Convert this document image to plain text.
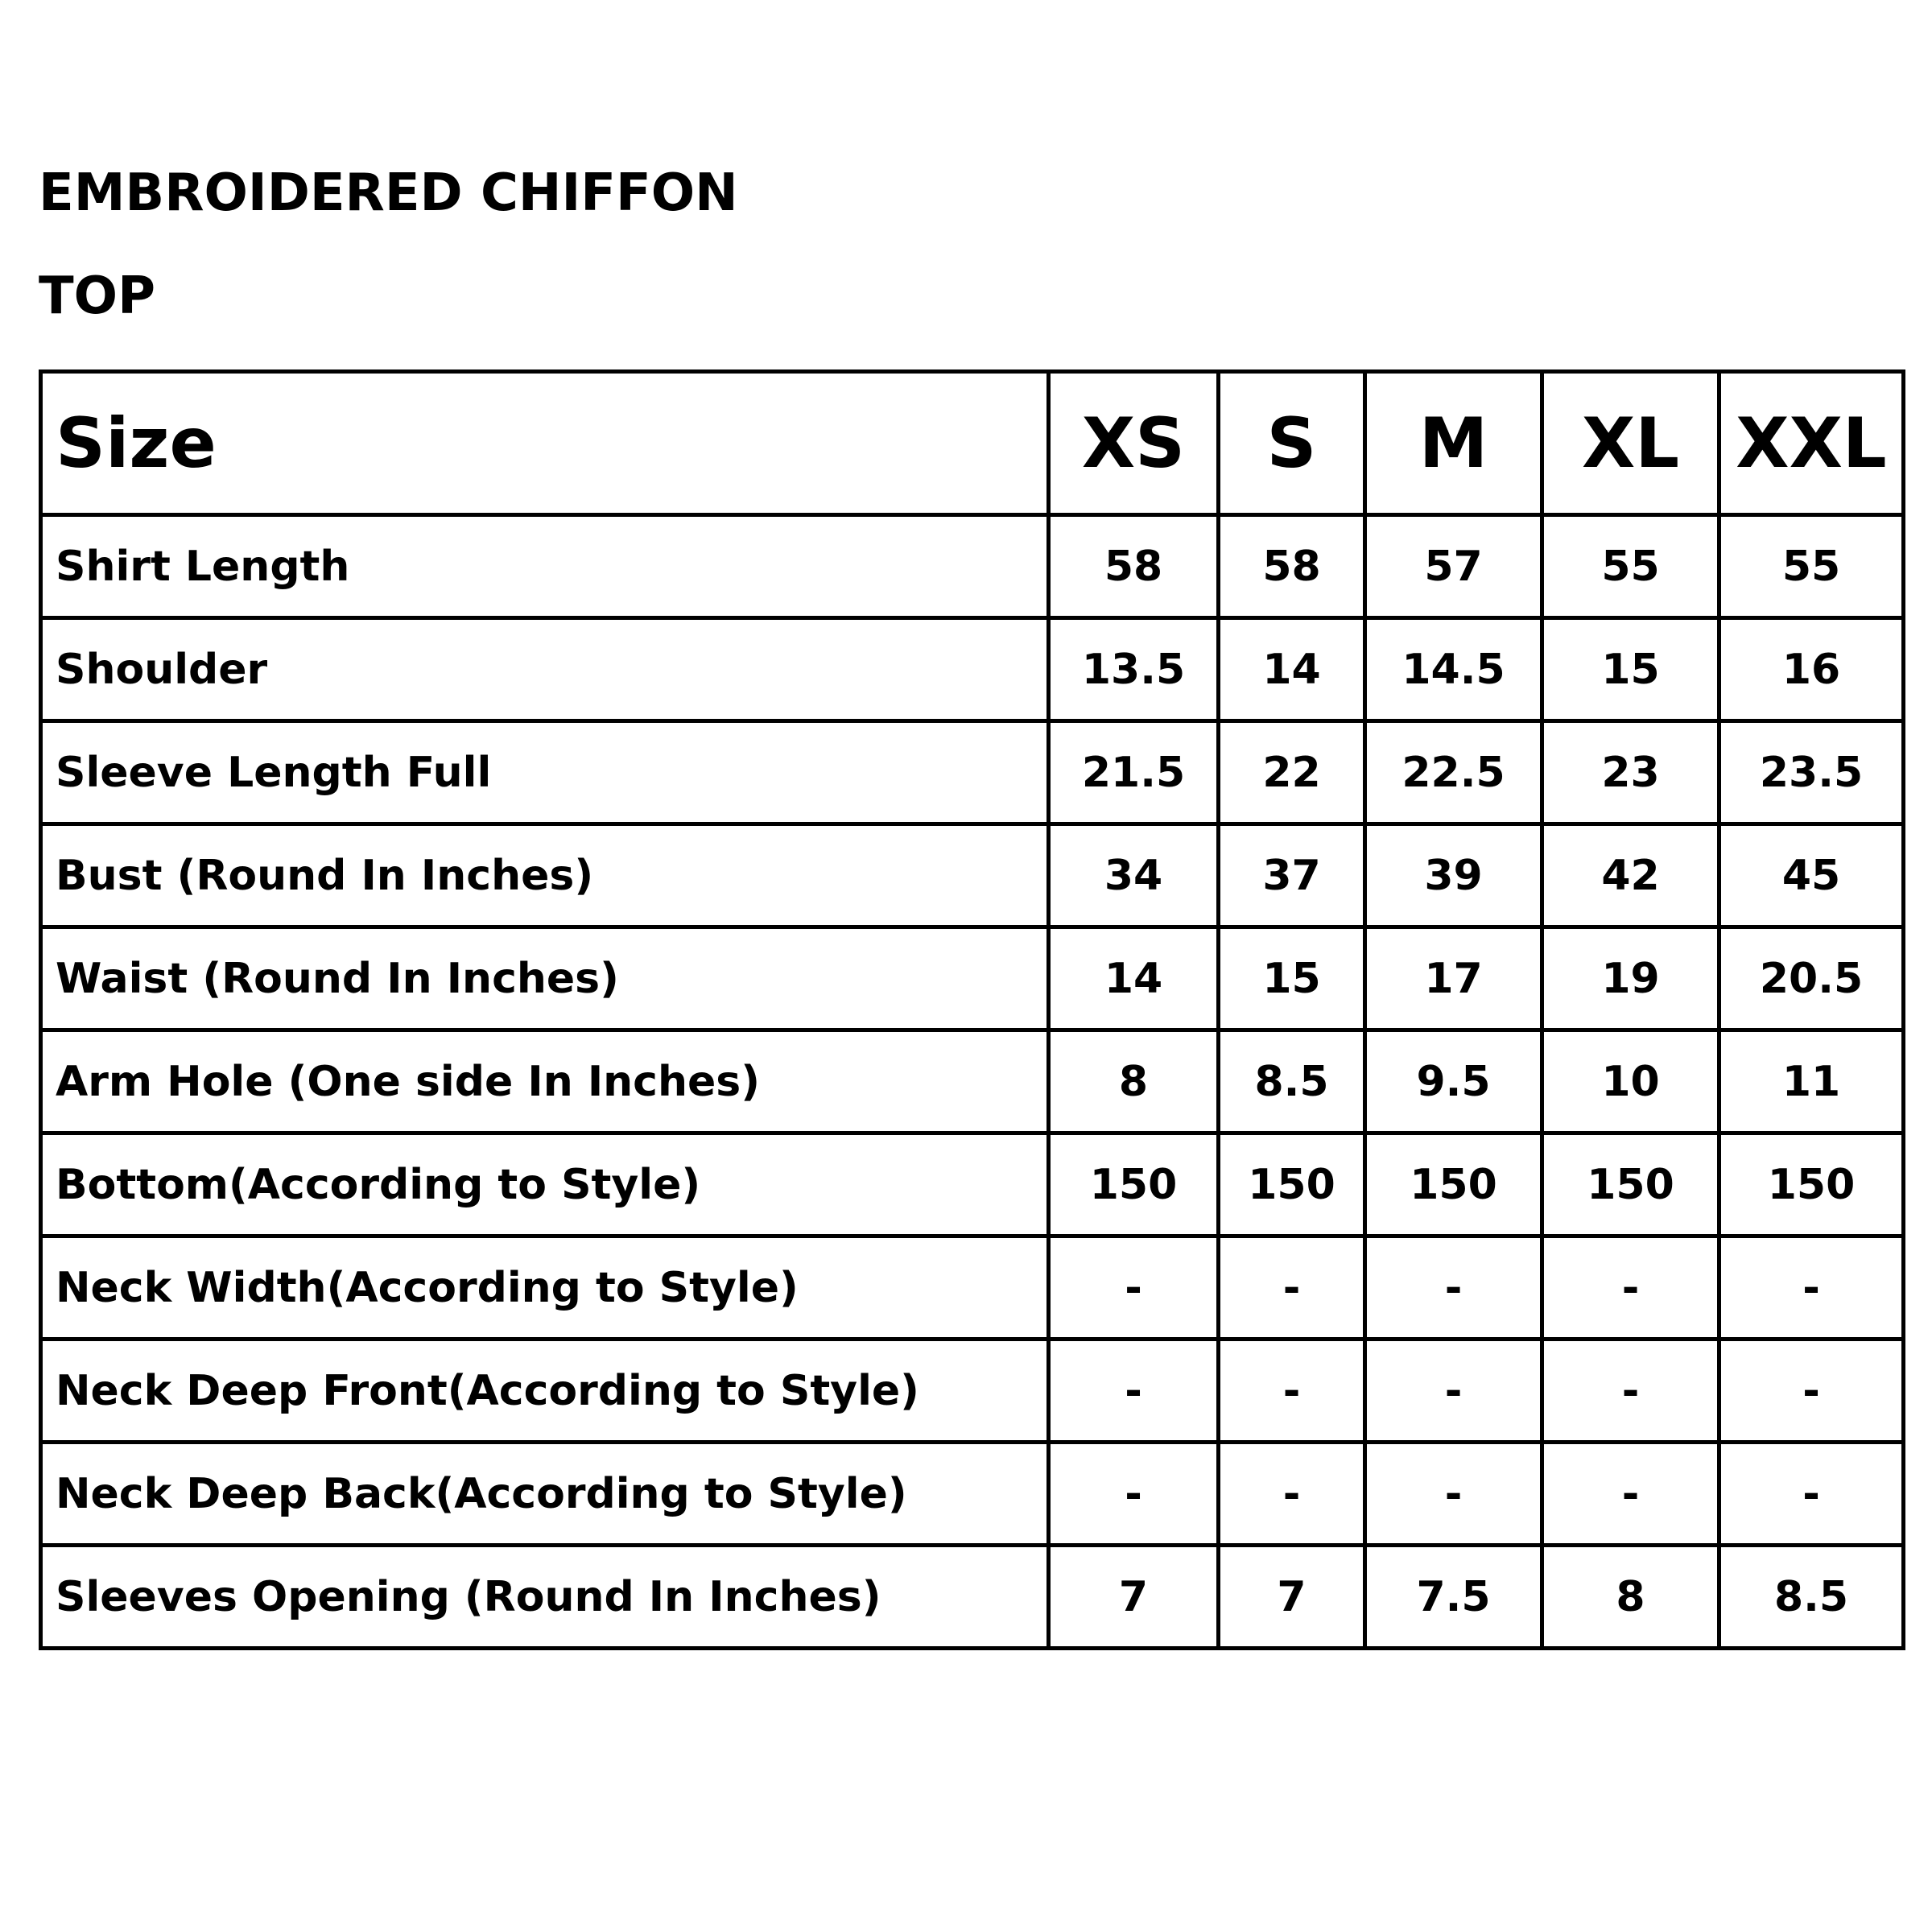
EMBROIDERED CHIFFON
TOP
Size	XS	S	M	XL	XXL
Shirt Length	58	58	57	55	55
Shoulder	13.5	14	14.5	15	16
Sleeve Length Full	21.5	22	22.5	23	23.5
Bust (Round In Inches)	34	37	39	42	45
Waist (Round In Inches)	14	15	17	19	20.5
Arm Hole (One side In Inches)	8	8.5	9.5	10	11
Bottom(According to Style)	150	150	150	150	150
Neck Width(According to Style)	-	-	-	-	-
Neck Deep Front(According to Style)	-	-	-	-	-
Neck Deep Back(According to Style)	-	-	-	-	-
Sleeves Opening (Round In Inches)	7	7	7.5	8	8.5
